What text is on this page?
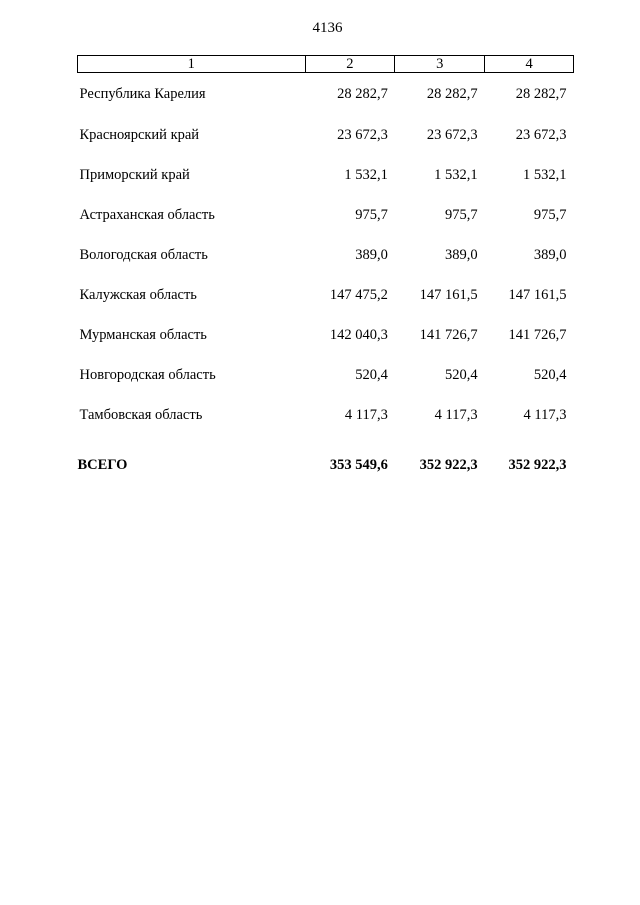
4136
1	2	3	4
Республика Карелия	28 282,7	28 282,7	28 282,7
Красноярский край	23 672,3	23 672,3	23 672,3
Приморский край	1 532,1	1 532,1	1 532,1
Астраханская область	975,7	975,7	975,7
Вологодская область	389,0	389,0	389,0
Калужская область	147 475,2	147 161,5	147 161,5
Мурманская область	142 040,3	141 726,7	141 726,7
Новгородская область	520,4	520,4	520,4
Тамбовская область	4 117,3	4 117,3	4 117,3
ВСЕГО	353 549,6	352 922,3	352 922,3
